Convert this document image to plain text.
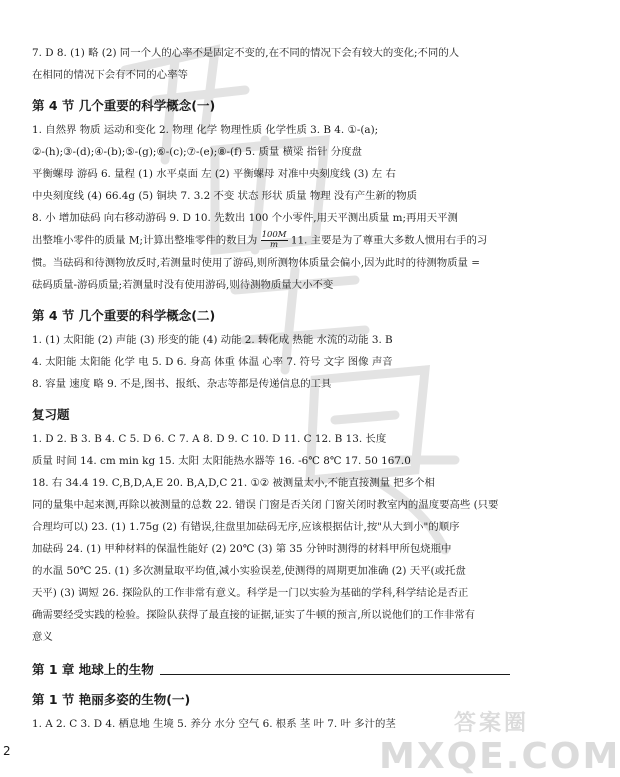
7. D 8. (1) 略 (2) 同一个人的心率不是固定不变的,在不同的情况下会有较大的变化;不同的人

在相同的情况下会有不同的心率等

第 4 节 几个重要的科学概念(一)

1. 自然界 物质 运动和变化 2. 物理 化学 物理性质 化学性质 3. B 4. ①-(a);

②-(h);③-(d);④-(b);⑤-(g);⑥-(c);⑦-(e);⑧-(f) 5. 质量 横梁 指针 分度盘

平衡螺母 游码 6. 量程 (1) 水平桌面 左 (2) 平衡螺母 对准中央刻度线 (3) 左 右

中央刻度线 (4) 66.4g (5) 铜块 7. 3.2 不变 状态 形状 质量 物理 没有产生新的物质

8. 小 增加砝码 向右移动游码 9. D 10. 先数出 100 个小零件,用天平测出质量 m;再用天平测

出整堆小零件的质量 M;计算出整堆零件的数目为 $\frac{100M}{m} 11$. 主要是为了尊重大多数人惯用右手的习

惯。当砝码和待测物放反时,若测量时使用了游码,则所测物体质量会偏小,因为此时的待测物质量 =

砝码质量-游码质量;若测量时没有使用游码,则待测物质量大小不变

第 4 节 几个重要的科学概念(二)

1. (1) 太阳能 (2) 声能 (3) 形变的能 (4) 动能 2. 转化成 热能 水流的动能 3. B

4. 太阳能 太阳能 化学 电 5. D 6. 身高 体重 体温 心率 7. 符号 文字 图像 声音

8. 容量 速度 略 9. 不是,图书、报纸、杂志等都是传递信息的工具

复习题

1. D 2. B 3. B 4. C 5. D 6. C 7. A 8. D 9. C 10. D 11. C 12. B 13. 长度

质量 时间 14. cm min kg 15. 太阳 太阳能热水器等 16. -6℃ 8℃ 17. 50 167.0

18. 右 34.4 19. C,B,D,A,E 20. B,A,D,C 21. ①② 被测量太小,不能直接测量 把多个相

同的量集中起来测,再除以被测量的总数 22. 错误 门窗是否关闭 门窗关闭时教室内的温度要高些 (只要

合理均可以) 23. (1) 1.75g (2) 有错误,往盘里加砝码无序,应该根据估计,按"从大到小"的顺序

加砝码 24. (1) 甲种材料的保温性能好 (2) 20℃ (3) 第 35 分钟时测得的材料甲所包烧瓶中

的水温 50℃ 25. (1) 多次测量取平均值,减小实验误差,使测得的周期更加准确 (2) 天平(或托盘

天平) (3) 调短 26. 探险队的工作非常有意义。科学是一门以实验为基础的学科,科学结论是否正

确需要经受实践的检验。探险队获得了最直接的证据,证实了牛顿的预言,所以说他们的工作非常有

意义

第 1 章 地球上的生物
第 1 节 艳丽多姿的生物(一)

1. A 2. C 3. D 4. 栖息地 生境 5. 养分 水分 空气 6. 根系 茎 叶 7. 叶 多汁的茎	答案圈
MXQE.COM
2
